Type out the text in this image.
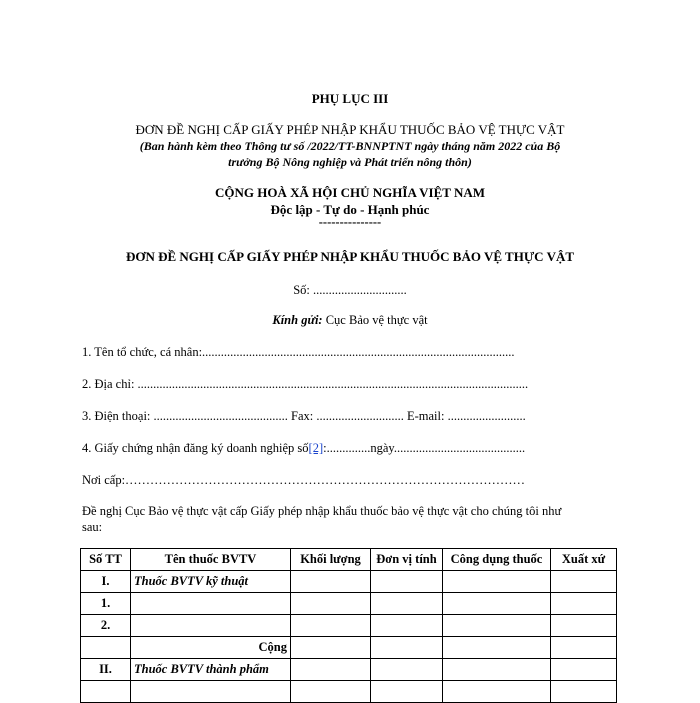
PHỤ LỤC III
ĐƠN ĐỀ NGHỊ CẤP GIẤY PHÉP NHẬP KHẨU THUỐC BẢO VỆ THỰC VẬT
(Ban hành kèm theo Thông tư số /2022/TT-BNNPTNT ngày tháng năm 2022 của Bộ
trưởng Bộ Nông nghiệp và Phát triển nông thôn)
CỘNG HOÀ XÃ HỘI CHỦ NGHĨA VIỆT NAM
Độc lập - Tự do - Hạnh phúc
---------------
ĐƠN ĐỀ NGHỊ CẤP GIẤY PHÉP NHẬP KHẨU THUỐC BẢO VỆ THỰC VẬT
Số: ..............................
Kính gửi: Cục Bảo vệ thực vật
1. Tên tổ chức, cá nhân:....................................................................................................
2. Địa chỉ: .............................................................................................................................
3. Điện thoại: ........................................... Fax: ............................ E-mail: .........................
4. Giấy chứng nhận đăng ký doanh nghiệp số[2]:..............ngày..........................................
Nơi cấp:……………………………………………………………………………………
Đề nghị Cục Bảo vệ thực vật cấp Giấy phép nhập khẩu thuốc bảo vệ thực vật cho chúng tôi như
sau:
Số TT	Tên thuốc BVTV	Khối lượng	Đơn vị tính	Công dụng thuốc	Xuất xứ
I.	Thuốc BVTV kỹ thuật				
1.					
2.					
	Cộng				
II.	Thuốc BVTV thành phẩm				
